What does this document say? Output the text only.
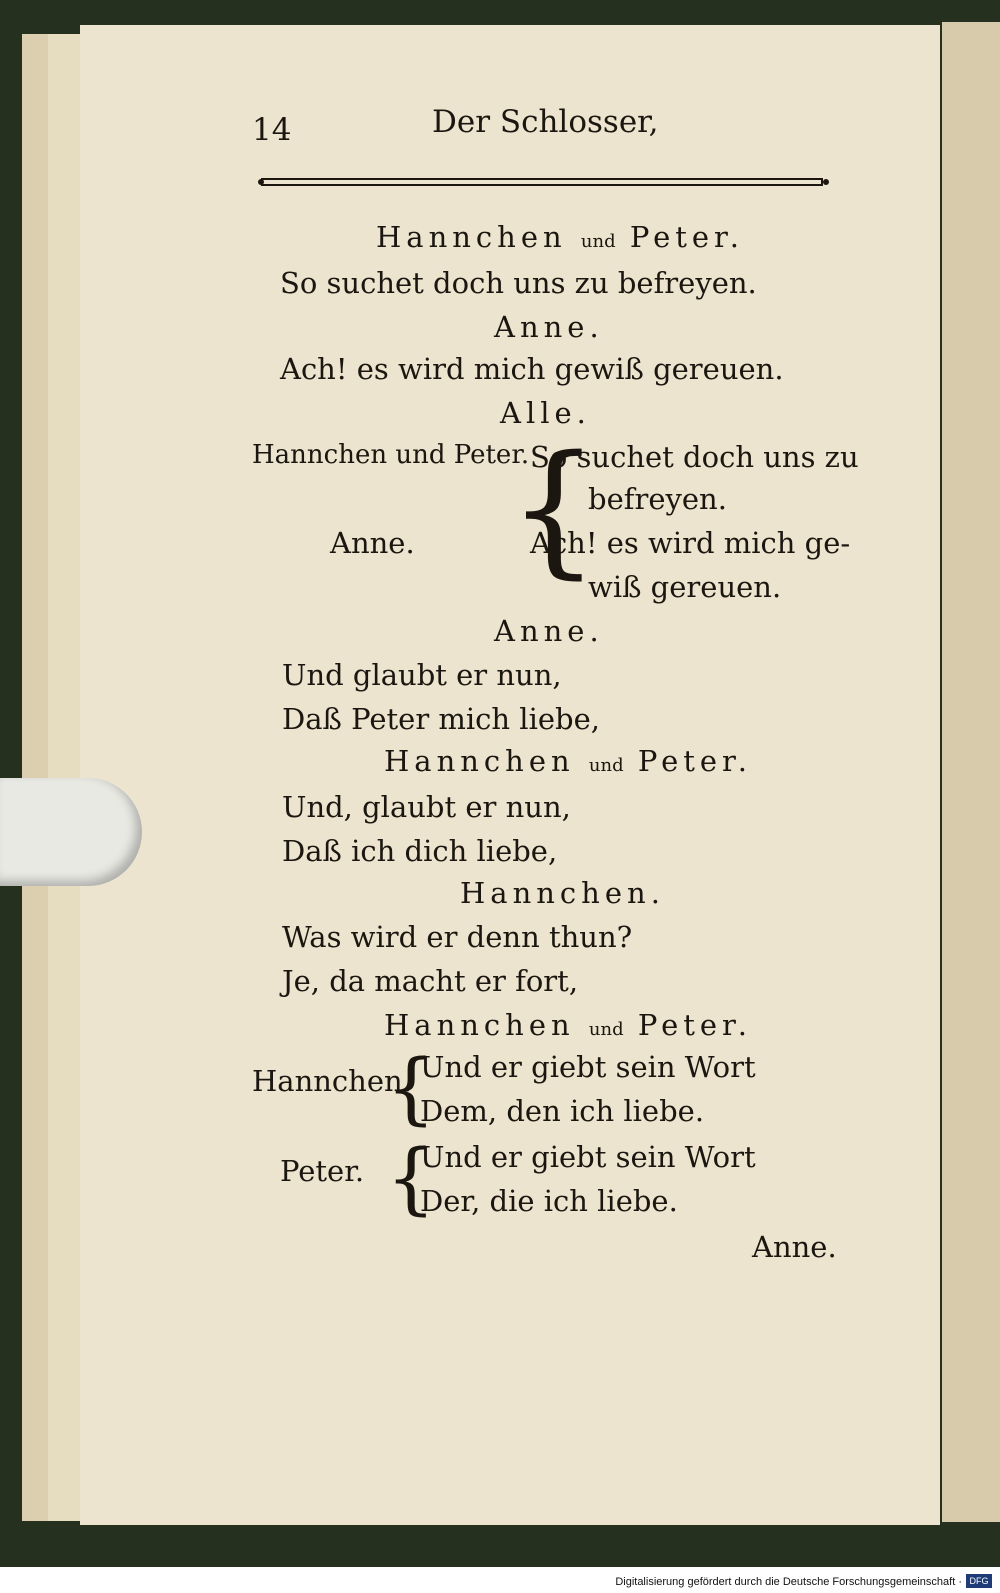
14	Der Schlosser,
Hannchen und Peter.
So suchet doch uns zu befreyen.
Anne.
Ach! es wird mich gewiß gereuen.
Alle.
Hannchen und Peter.
{
So suchet doch uns zu
befreyen.
Anne.	Ach! es wird mich ge-
wiß gereuen.
Anne.
Und glaubt er nun,
Daß Peter mich liebe,
Hannchen und Peter.
Und, glaubt er nun,
Daß ich dich liebe,
Hannchen.
Was wird er denn thun?
Je, da macht er fort,
Hannchen und Peter.
Hannchen.
{
Und er giebt sein Wort
Dem, den ich liebe.
Peter. {
Und er giebt sein Wort
Der, die ich liebe.
Anne.
Digitalisierung gefördert durch die Deutsche Forschungsgemeinschaft · DFG
